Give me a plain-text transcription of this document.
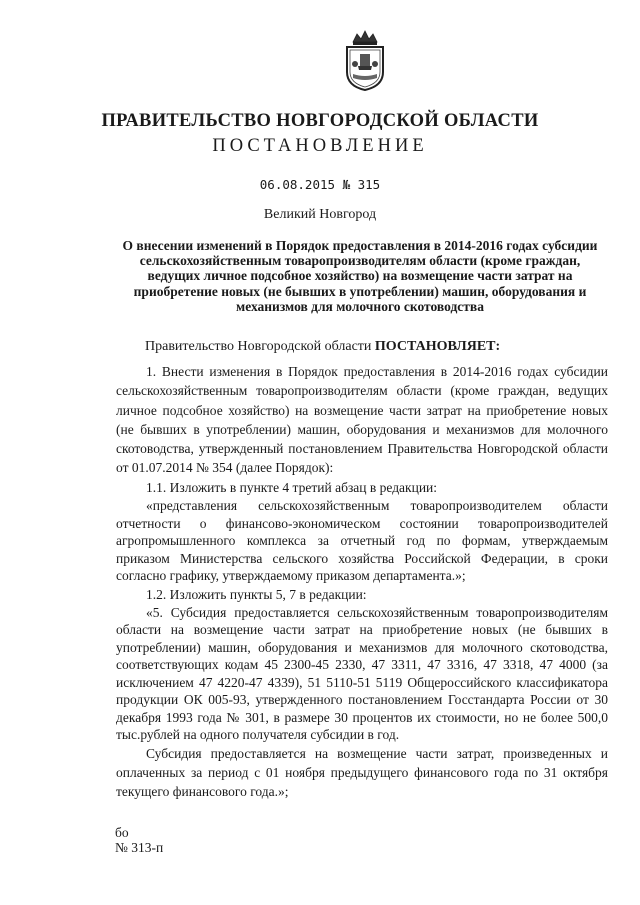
ПРАВИТЕЛЬСТВО НОВГОРОДСКОЙ ОБЛАСТИ
ПОСТАНОВЛЕНИЕ
06.08.2015 № 315
Великий Новгород
О внесении изменений в Порядок предоставления в 2014-2016 годах субсидии сельскохозяйственным товаропроизводителям области (кроме граждан, ведущих личное подсобное хозяйство) на возмещение части затрат на приобретение новых (не бывших в употреблении) машин, оборудования и механизмов для молочного скотоводства
Правительство Новгородской области ПОСТАНОВЛЯЕТ:

1. Внести изменения в Порядок предоставления в 2014-2016 годах субсидии сельскохозяйственным товаропроизводителям области (кроме граждан, ведущих личное подсобное хозяйство) на возмещение части затрат на приобретение новых (не бывших в употреблении) машин, оборудования и механизмов для молочного скотоводства, утвержденный постановлением Правительства Новгородской области от 01.07.2014 № 354 (далее Порядок):

1.1. Изложить в пункте 4 третий абзац в редакции:

«представления сельскохозяйственным товаропроизводителем области отчетности о финансово-экономическом состоянии товаропроизводителей агропромышленного комплекса за отчетный год по формам, утверждаемым приказом Министерства сельского хозяйства Российской Федерации, в сроки согласно графику, утверждаемому приказом департамента.»;

1.2. Изложить пункты 5, 7 в редакции:

«5. Субсидия предоставляется сельскохозяйственным товаропроизводителям области на возмещение части затрат на приобретение новых (не бывших в употреблении) машин, оборудования и механизмов для молочного скотоводства, соответствующих кодам 45 2300-45 2330, 47 3311, 47 3316, 47 3318, 47 4000 (за исключением 47 4220-47 4339), 51 5110-51 5119 Общероссийского классификатора продукции ОК 005-93, утвержденного постановлением Госстандарта России от 30 декабря 1993 года № 301, в размере 30 процентов их стоимости, но не более 500,0 тыс.рублей на одного получателя субсидии в год.

Субсидия предоставляется на возмещение части затрат, произведенных и оплаченных за период с 01 ноября предыдущего финансового года по 31 октября текущего финансового года.»;

бо
№ 313-п
